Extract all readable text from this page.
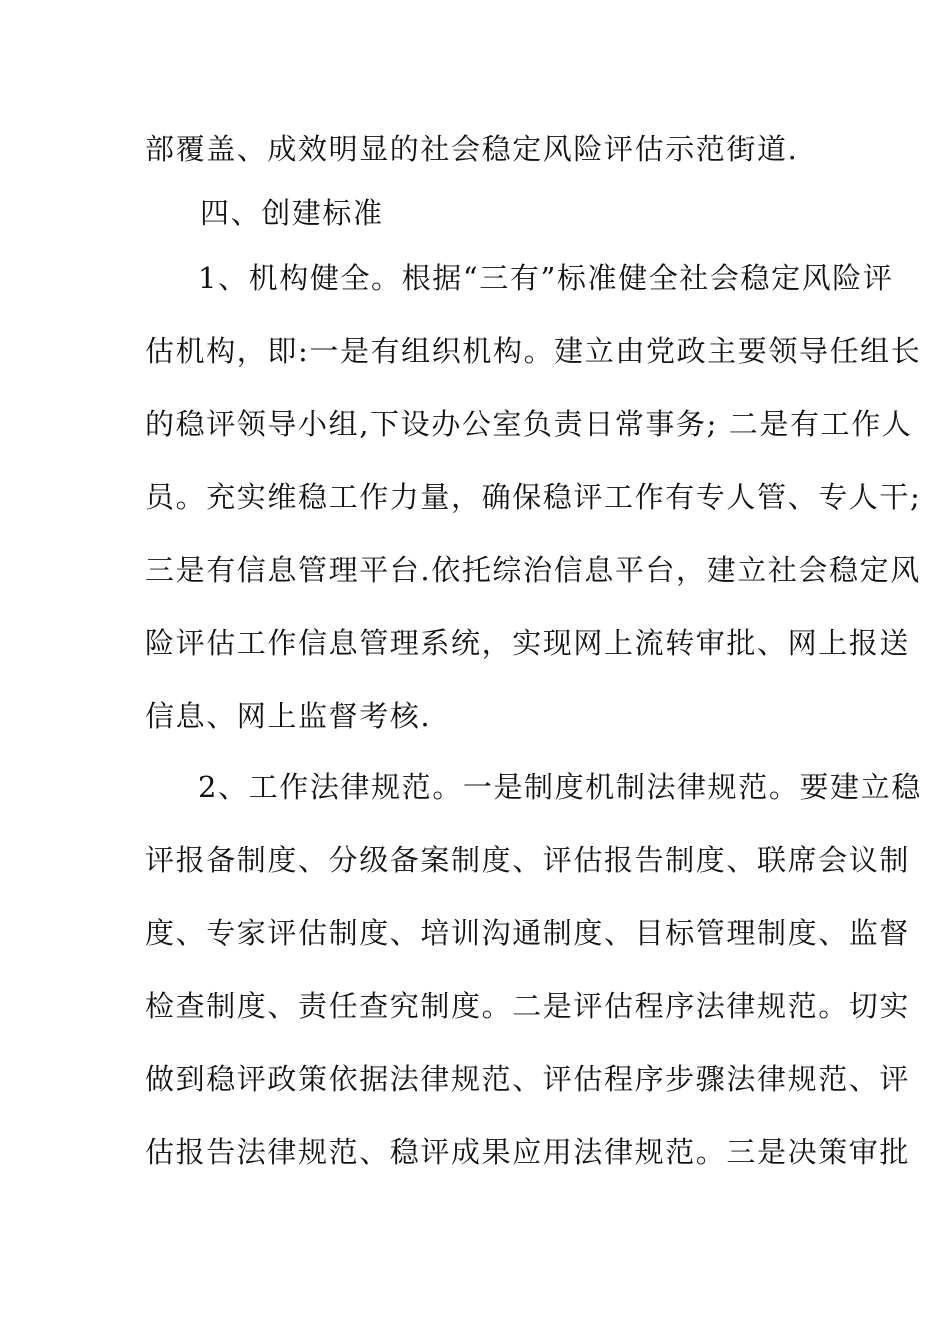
部覆盖、成效明显的社会稳定风险评估示范街道.
四、创建标准
1、机构健全。根据“三有”标准健全社会稳定风险评
估机构，即:一是有组织机构。建立由党政主要领导任组长
的稳评领导小组,下设办公室负责日常事务; 二是有工作人
员。充实维稳工作力量，确保稳评工作有专人管、专人干;
三是有信息管理平台.依托综治信息平台，建立社会稳定风
险评估工作信息管理系统，实现网上流转审批、网上报送
信息、网上监督考核.
2、工作法律规范。一是制度机制法律规范。要建立稳
评报备制度、分级备案制度、评估报告制度、联席会议制
度、专家评估制度、培训沟通制度、目标管理制度、监督
检查制度、责任查究制度。二是评估程序法律规范。切实
做到稳评政策依据法律规范、评估程序步骤法律规范、评
估报告法律规范、稳评成果应用法律规范。三是决策审批
